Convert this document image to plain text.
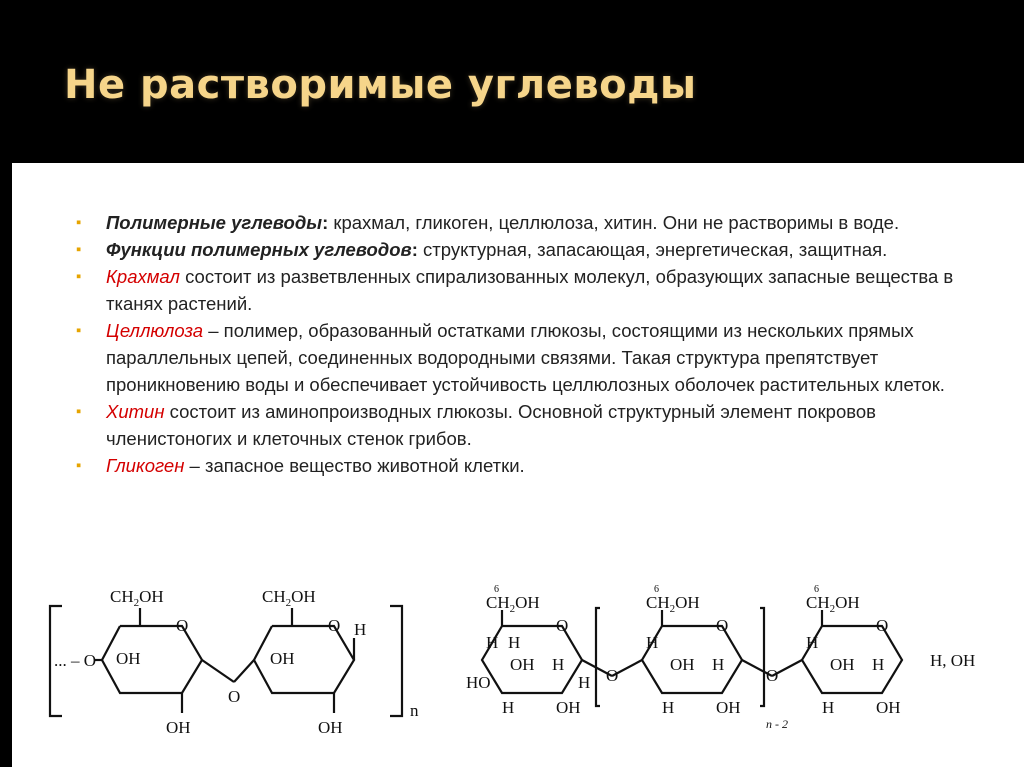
Не растворимые углеводы
▪ Полимерные углеводы: крахмал, гликоген, целлюлоза, хитин. Они не растворимы в воде.
▪ Функции полимерных углеводов: структурная, запасающая, энергетическая, защитная.
▪ Крахмал состоит из разветвленных спирализованных молекул, образующих запасные вещества в тканях растений.
▪ Целлюлоза – полимер, образованный остатками глюкозы, состоящими из нескольких прямых параллельных цепей, соединенных водородными связями. Такая структура препятствует проникновению воды и обеспечивает устойчивость целлюлозных оболочек растительных клеток.
▪ Хитин состоит из аминопроизводных глюкозы. Основной структурный элемент покровов членистоногих и клеточных стенок грибов.
▪ Гликоген – запасное вещество животной клетки.
$CH_2OH$	$CH_2OH$
O	O
... – O OH	OH
O
H
OH	OH
n
6	6	6
$CH_2OH$	$CH_2OH$	$CH_2OH$
O	O	O
O	O
H H
OH H
HO	H
H OH
H
OH H
H OH
H
OH H
H OH
H, OH
n - 2
